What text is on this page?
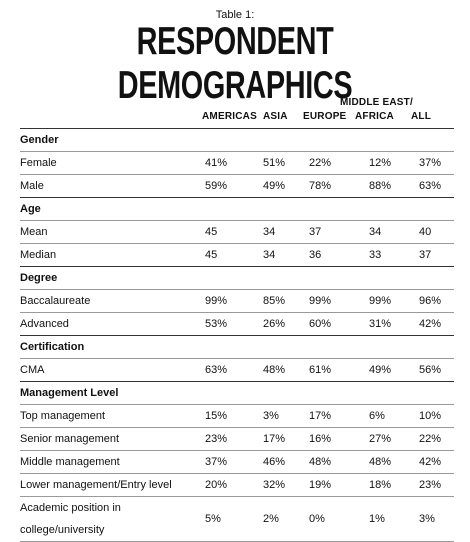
Table 1:
RESPONDENT DEMOGRAPHICS
MIDDLE EAST/
AMERICAS ASIA EUROPE AFRICA ALL
Gender					
Female	41%	51%	22%	12%	37%
Male	59%	49%	78%	88%	63%
Age					
Mean	45	34	37	34	40
Median	45	34	36	33	37
Degree					
Baccalaureate	99%	85%	99%	99%	96%
Advanced	53%	26%	60%	31%	42%
Certification					
CMA	63%	48%	61%	49%	56%
Management Level					
Top management	15%	3%	17%	6%	10%
Senior management	23%	17%	16%	27%	22%
Middle management	37%	46%	48%	48%	42%
Lower management/Entry level	20%	32%	19%	18%	23%
Academic position in college/university	5%	2%	0%	1%	3%
